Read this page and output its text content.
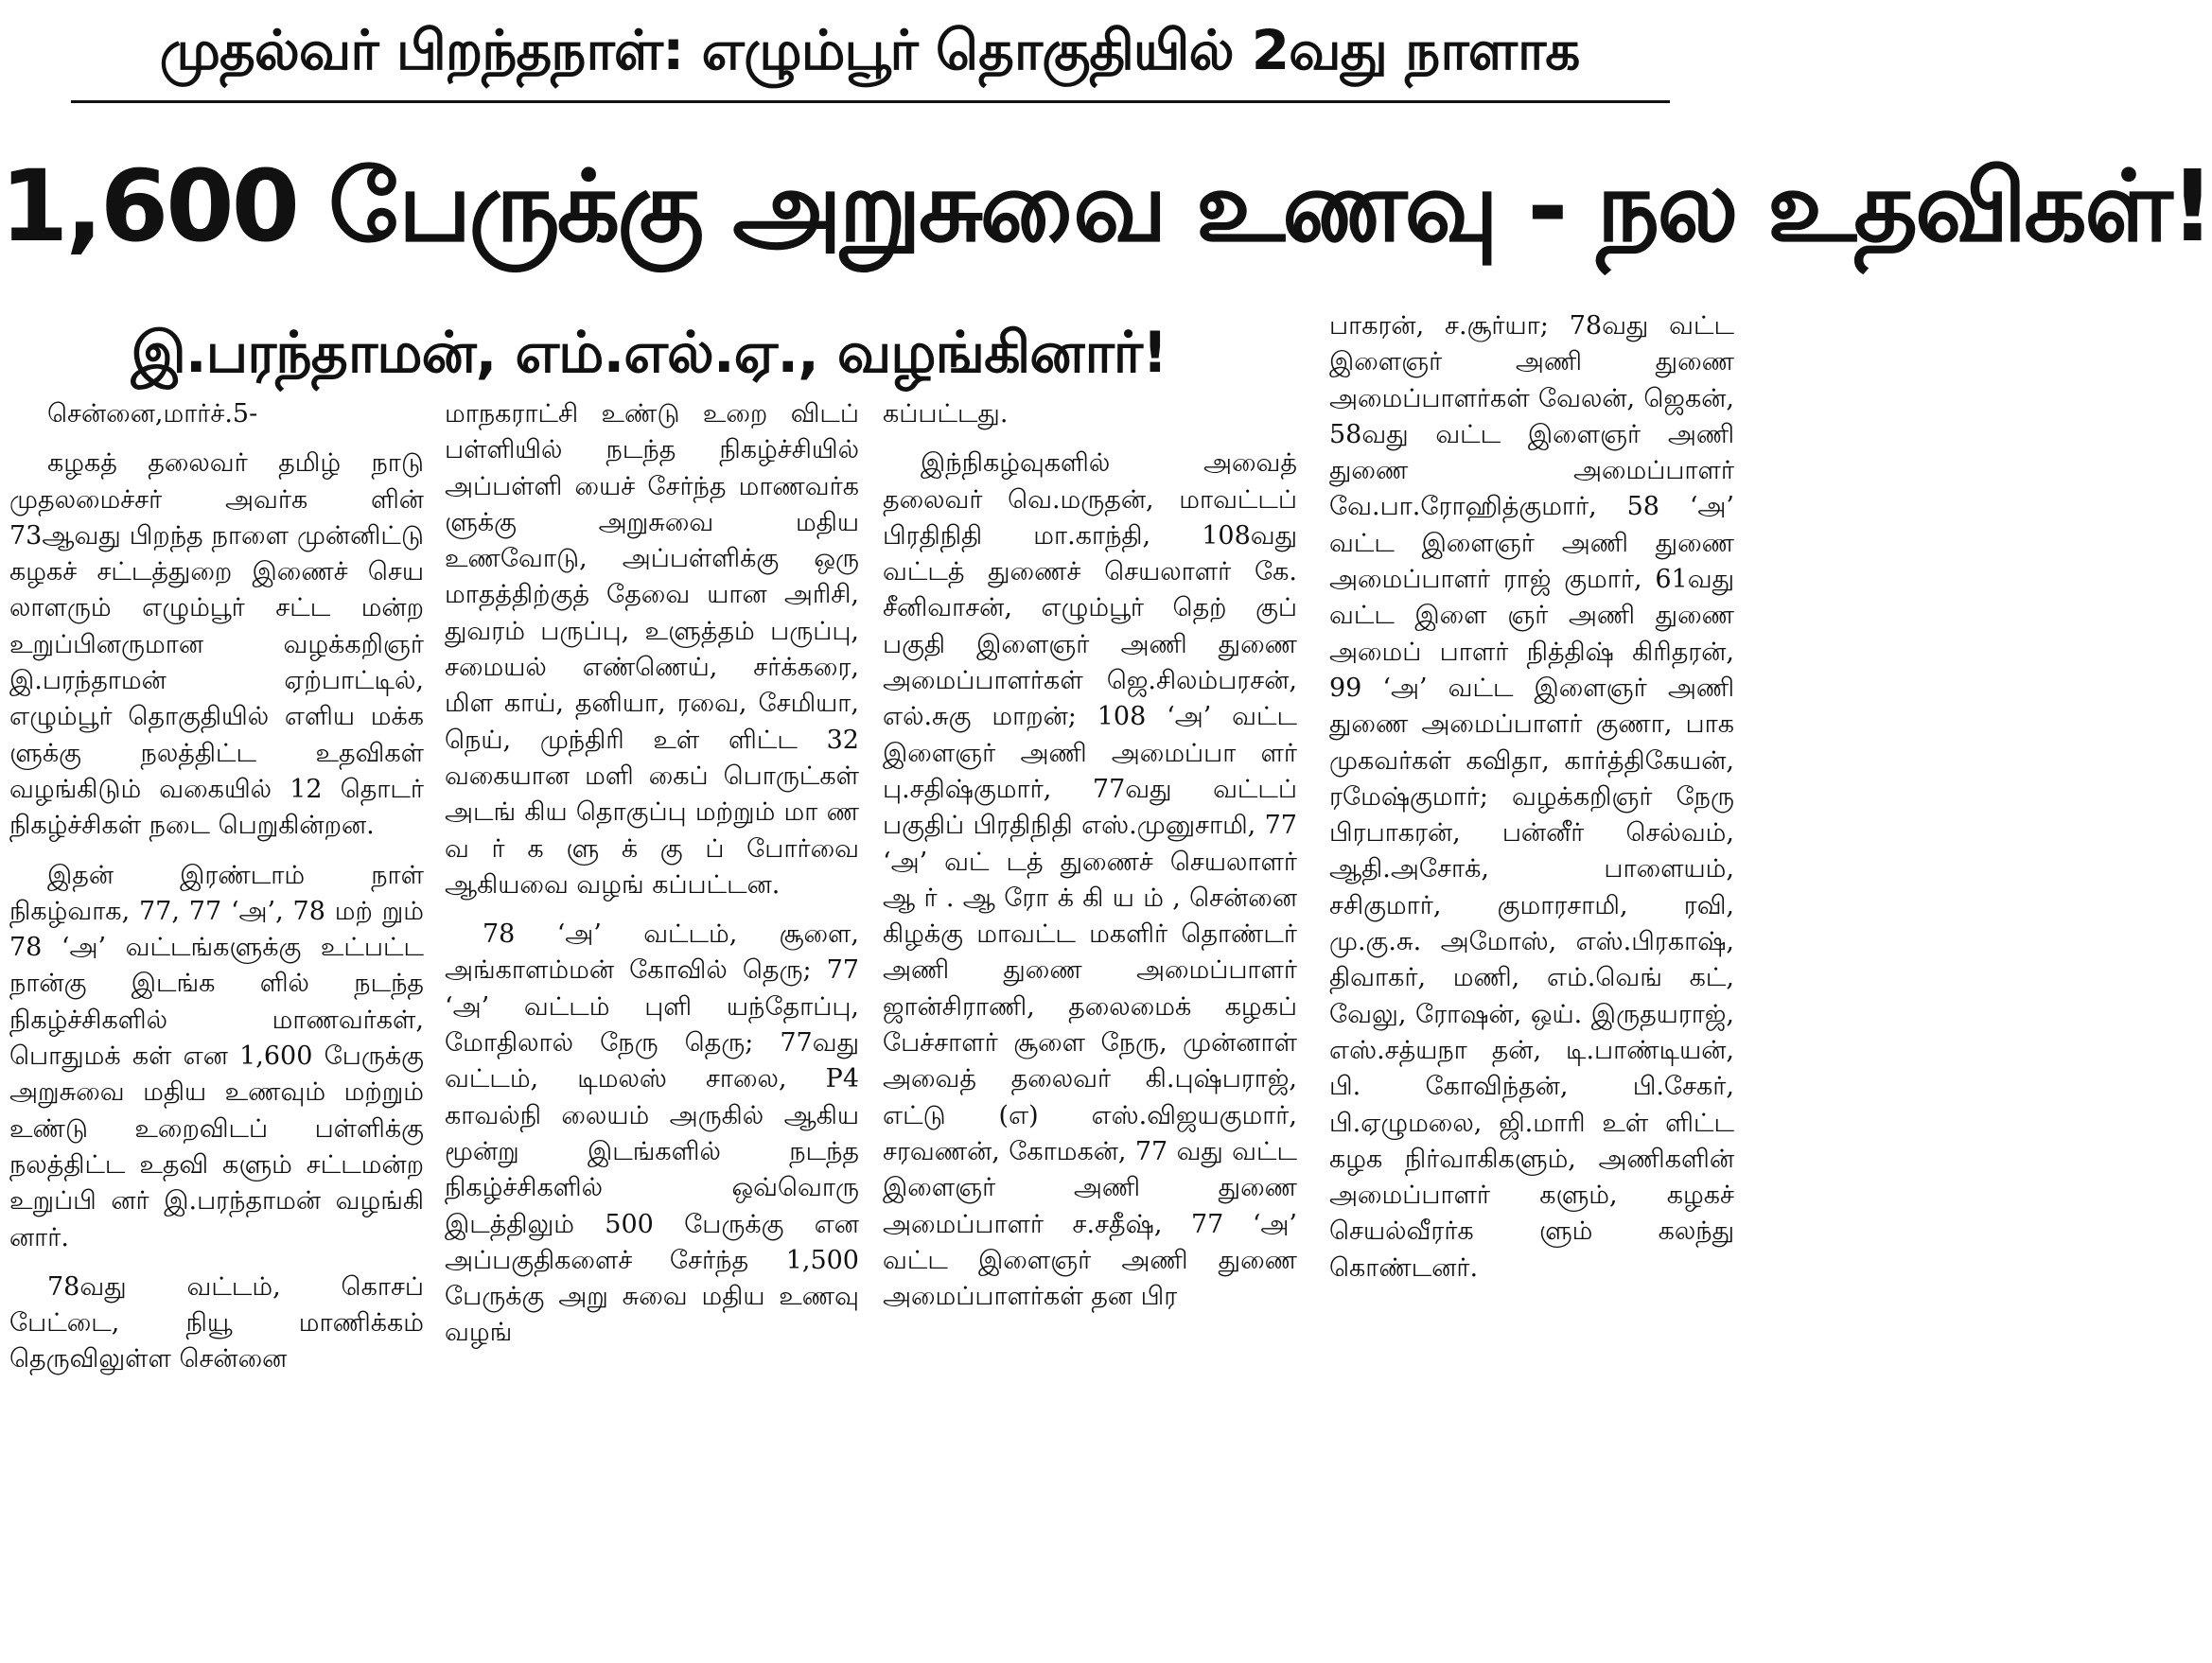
முதல்வர் பிறந்தநாள்: எழும்பூர் தொகுதியில் 2வது நாளாக
1,600 பேருக்கு அறுசுவை உணவு - நல உதவிகள்!
இ.பரந்தாமன், எம்.எல்.ஏ., வழங்கினார்!

சென்னை,மார்ச்.5-

கழகத் தலைவர் தமிழ் நாடு முதலமைச்சர் அவர்க ளின் 73ஆவது பிறந்த நாளை முன்னிட்டு கழகச் சட்டத்துறை இணைச் செய லாளரும் எழும்பூர் சட்ட மன்ற உறுப்பினருமான வழக்கறிஞர் இ.பரந்தாமன் ஏற்பாட்டில், எழும்பூர் தொகுதியில் எளிய மக்க ளுக்கு நலத்திட்ட உதவிகள் வழங்கிடும் வகையில் 12 தொடர் நிகழ்ச்சிகள் நடை பெறுகின்றன.

இதன் இரண்டாம் நாள் நிகழ்வாக, 77, 77 ‘அ’, 78 மற் றும் 78 ‘அ’ வட்டங்களுக்கு உட்பட்ட நான்கு இடங்க ளில் நடந்த நிகழ்ச்சிகளில் மாணவர்கள், பொதுமக் கள் என 1,600 பேருக்கு அறுசுவை மதிய உணவும் மற்றும் உண்டு உறைவிடப் பள்ளிக்கு நலத்திட்ட உதவி களும் சட்டமன்ற உறுப்பி னர் இ.பரந்தாமன் வழங்கி னார்.

78வது வட்டம், கொசப் பேட்டை, நியூ மாணிக்கம் தெருவிலுள்ள சென்னை

மாநகராட்சி உண்டு உறை விடப் பள்ளியில் நடந்த நிகழ்ச்சியில் அப்பள்ளி யைச் சேர்ந்த மாணவர்க ளுக்கு அறுசுவை மதிய உணவோடு, அப்பள்ளிக்கு ஒரு மாதத்திற்குத் தேவை யான அரிசி, துவரம் பருப்பு, உளுத்தம் பருப்பு, சமையல் எண்ணெய், சர்க்கரை, மிள காய், தனியா, ரவை, சேமியா, நெய், முந்திரி உள் ளிட்ட 32 வகையான மளி கைப் பொருட்கள் அடங் கிய தொகுப்பு மற்றும் மா ண வ ர் க ளு க் கு ப் போர்வை ஆகியவை வழங் கப்பட்டன.

78 ‘அ’ வட்டம், சூளை, அங்காளம்மன் கோவில் தெரு; 77 ‘அ’ வட்டம் புளி யந்தோப்பு, மோதிலால் நேரு தெரு; 77வது வட்டம், டிமலஸ் சாலை, P4 காவல்நி லையம் அருகில் ஆகிய மூன்று இடங்களில் நடந்த நிகழ்ச்சிகளில் ஒவ்வொரு இடத்திலும் 500 பேருக்கு என அப்பகுதிகளைச் சேர்ந்த 1,500 பேருக்கு அறு சுவை மதிய உணவு வழங்

கப்பட்டது.

இந்நிகழ்வுகளில் அவைத் தலைவர் வெ.மருதன், மாவட்டப் பிரதிநிதி மா.காந்தி, 108வது வட்டத் துணைச் செயலாளர் கே. சீனிவாசன், எழும்பூர் தெற் குப் பகுதி இளைஞர் அணி துணை அமைப்பாளர்கள் ஜெ.சிலம்பரசன், எல்.சுகு மாறன்; 108 ‘அ’ வட்ட இளைஞர் அணி அமைப்பா ளர் பு.சதிஷ்குமார், 77வது வட்டப் பகுதிப் பிரதிநிதி எஸ்.முனுசாமி, 77 ‘அ’ வட் டத் துணைச் செயலாளர் ஆ ர் . ஆ ரோ க் கி ய ம் , சென்னை கிழக்கு மாவட்ட மகளிர் தொண்டர் அணி துணை அமைப்பாளர் ஜான்சிராணி, தலைமைக் கழகப் பேச்சாளர் சூளை நேரு, முன்னாள் அவைத் தலைவர் கி.புஷ்பராஜ், எட்டு (எ) எஸ்.விஜயகுமார், சரவணன், கோமகன், 77 வது வட்ட இளைஞர் அணி துணை அமைப்பாளர் ச.சதீஷ், 77 ‘அ’ வட்ட இளைஞர் அணி துணை அமைப்பாளர்கள் தன பிர

பாகரன், ச.சூர்யா; 78வது வட்ட இளைஞர் அணி துணை அமைப்பாளர்கள் வேலன், ஜெகன், 58வது வட்ட இளைஞர் அணி துணை அமைப்பாளர் வே.பா.ரோஹித்குமார், 58 ‘அ’ வட்ட இளைஞர் அணி துணை அமைப்பாளர் ராஜ் குமார், 61வது வட்ட இளை ஞர் அணி துணை அமைப் பாளர் நித்திஷ் கிரிதரன், 99 ‘அ’ வட்ட இளைஞர் அணி துணை அமைப்பாளர் குணா, பாக முகவர்கள் கவிதா, கார்த்திகேயன், ரமேஷ்குமார்; வழக்கறிஞர் நேரு பிரபாகரன், பன்னீர் செல்வம், ஆதி.அசோக், பாளையம், சசிகுமார், குமாரசாமி, ரவி, மு.கு.சு. அமோஸ், எஸ்.பிரகாஷ், திவாகர், மணி, எம்.வெங் கட், வேலு, ரோஷன், ஒய். இருதயராஜ், எஸ்.சத்யநா தன், டி.பாண்டியன், பி. கோவிந்தன், பி.சேகர், பி.ஏழுமலை, ஜி.மாரி உள் ளிட்ட கழக நிர்வாகிகளும், அணிகளின் அமைப்பாளர் களும், கழகச் செயல்வீரர்க ளும் கலந்து கொண்டனர்.
